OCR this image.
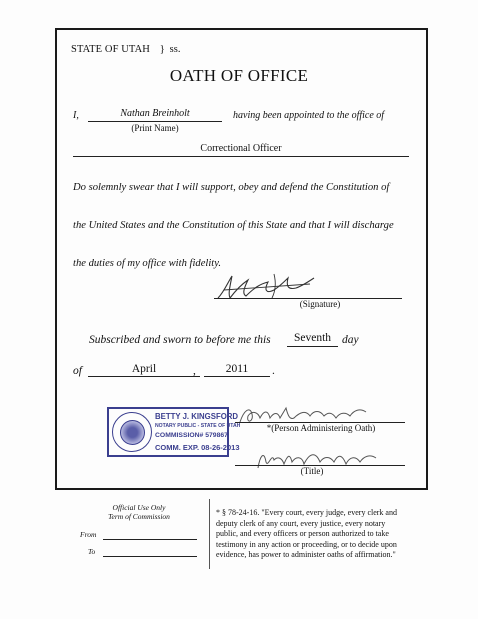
STATE OF UTAH } ss.
OATH OF OFFICE
I,	Nathan Breinholt
(Print Name)
having been appointed to the office of
Correctional Officer
Do solemnly swear that I will support, obey and defend the Constitution of
the United States and the Constitution of this State and that I will discharge
the duties of my office with fidelity.
(Signature)
Subscribed and sworn to before me this	Seventh day
of	April	,	2011	.
BETTY J. KINGSFORD
NOTARY PUBLIC - STATE OF UTAH
COMMISSION# 579867
COMM. EXP. 08-26-2013
*(Person Administering Oath)
(Title)
Official Use Only
Term of Commission
From
To
* § 78-24-16. "Every court, every judge, every clerk and deputy clerk of any court, every justice, every notary public, and every officers or person authorized to take testimony in any action or proceeding, or to decide upon evidence, has power to administer oaths of affirmation."
